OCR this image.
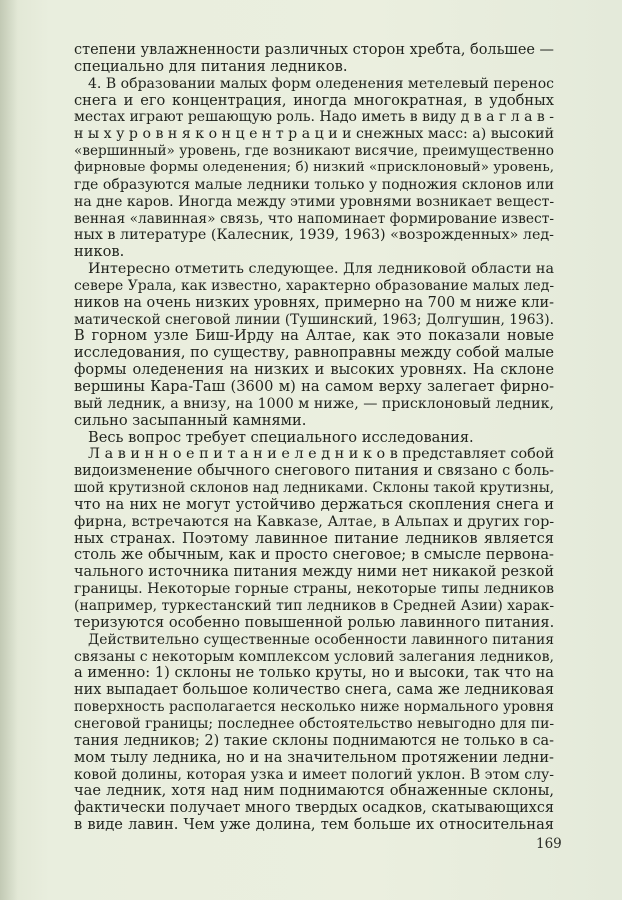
степени увлажненности различных сторон хребта, большее —
специально для питания ледников.
4. В образовании малых форм оледенения метелевый перенос
снега и его концентрация, иногда многократная, в удобных
местах играют решающую роль. Надо иметь в виду д в а г л а в -
н ы х у р о в н я к о н ц е н т р а ц и и снежных масс: а) высокий
«вершинный» уровень, где возникают висячие, преимущественно
фирновые формы оледенения; б) низкий «присклоновый» уровень,
где образуются малые ледники только у подножия склонов или
на дне каров. Иногда между этими уровнями возникает вещест-
венная «лавинная» связь, что напоминает формирование извест-
ных в литературе (Калесник, 1939, 1963) «возрожденных» лед-
ников.
Интересно отметить следующее. Для ледниковой области на
севере Урала, как известно, характерно образование малых лед-
ников на очень низких уровнях, примерно на 700 м ниже кли-
матической снеговой линии (Тушинский, 1963; Долгушин, 1963).
В горном узле Биш-Ирду на Алтае, как это показали новые
исследования, по существу, равноправны между собой малые
формы оледенения на низких и высоких уровнях. На склоне
вершины Кара-Таш (3600 м) на самом верху залегает фирно-
вый ледник, а внизу, на 1000 м ниже, — присклоновый ледник,
сильно засыпанный камнями.
Весь вопрос требует специального исследования.
Л а в и н н о е п и т а н и е л е д н и к о в представляет собой
видоизменение обычного снегового питания и связано с боль-
шой крутизной склонов над ледниками. Склоны такой крутизны,
что на них не могут устойчиво держаться скопления снега и
фирна, встречаются на Кавказе, Алтае, в Альпах и других гор-
ных странах. Поэтому лавинное питание ледников является
столь же обычным, как и просто снеговое; в смысле первона-
чального источника питания между ними нет никакой резкой
границы. Некоторые горные страны, некоторые типы ледников
(например, туркестанский тип ледников в Средней Азии) харак-
теризуются особенно повышенной ролью лавинного питания.
Действительно существенные особенности лавинного питания
связаны с некоторым комплексом условий залегания ледников,
а именно: 1) склоны не только круты, но и высоки, так что на
них выпадает большое количество снега, сама же ледниковая
поверхность располагается несколько ниже нормального уровня
снеговой границы; последнее обстоятельство невыгодно для пи-
тания ледников; 2) такие склоны поднимаются не только в са-
мом тылу ледника, но и на значительном протяжении ледни-
ковой долины, которая узка и имеет пологий уклон. В этом слу-
чае ледник, хотя над ним поднимаются обнаженные склоны,
фактически получает много твердых осадков, скатывающихся
в виде лавин. Чем уже долина, тем больше их относительная
169
